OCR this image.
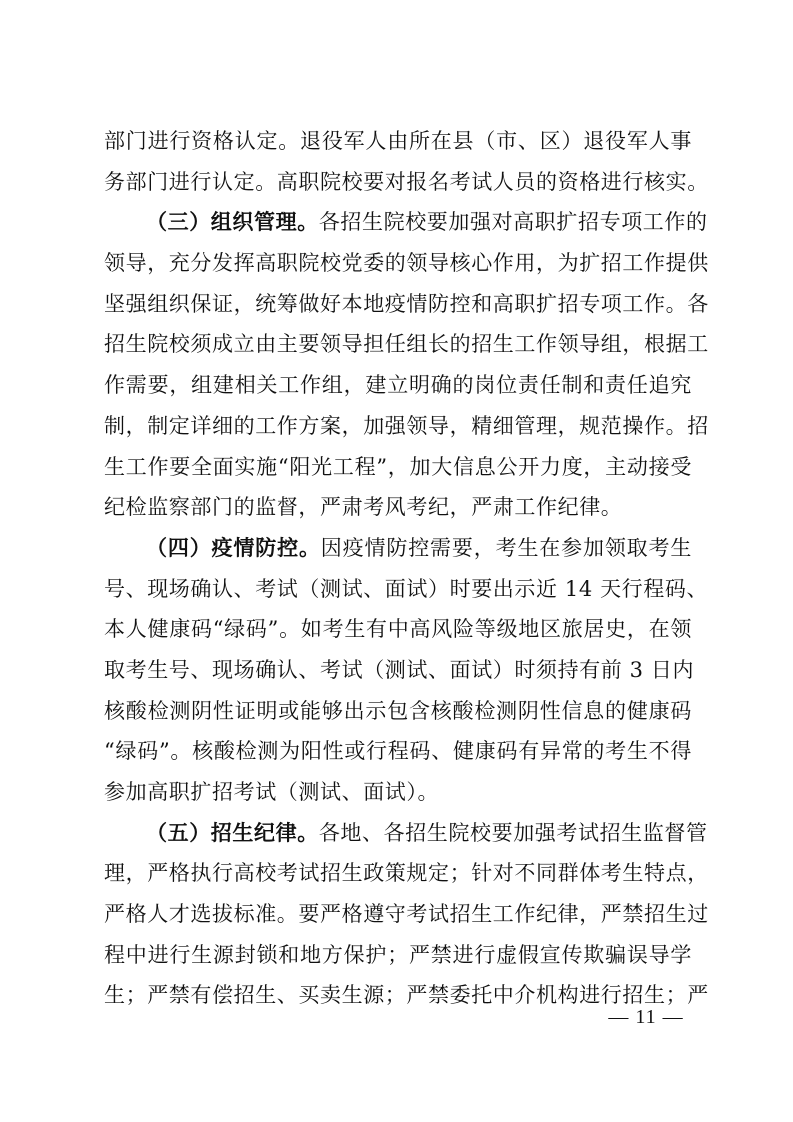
部门进行资格认定。退役军人由所在县（市、区）退役军人事
务部门进行认定。高职院校要对报名考试人员的资格进行核实。
（三）组织管理。各招生院校要加强对高职扩招专项工作的
领导，充分发挥高职院校党委的领导核心作用，为扩招工作提供
坚强组织保证，统筹做好本地疫情防控和高职扩招专项工作。各
招生院校须成立由主要领导担任组长的招生工作领导组，根据工
作需要，组建相关工作组，建立明确的岗位责任制和责任追究
制，制定详细的工作方案，加强领导，精细管理，规范操作。招
生工作要全面实施“阳光工程”，加大信息公开力度，主动接受
纪检监察部门的监督，严肃考风考纪，严肃工作纪律。
（四）疫情防控。因疫情防控需要，考生在参加领取考生
号、现场确认、考试（测试、面试）时要出示近 14 天行程码、
本人健康码“绿码”。如考生有中高风险等级地区旅居史，在领
取考生号、现场确认、考试（测试、面试）时须持有前 3 日内
核酸检测阴性证明或能够出示包含核酸检测阴性信息的健康码
“绿码”。核酸检测为阳性或行程码、健康码有异常的考生不得
参加高职扩招考试（测试、面试）。
（五）招生纪律。各地、各招生院校要加强考试招生监督管
理，严格执行高校考试招生政策规定；针对不同群体考生特点，
严格人才选拔标准。要严格遵守考试招生工作纪律，严禁招生过
程中进行生源封锁和地方保护；严禁进行虚假宣传欺骗误导学
生；严禁有偿招生、买卖生源；严禁委托中介机构进行招生；严
— 11 —
